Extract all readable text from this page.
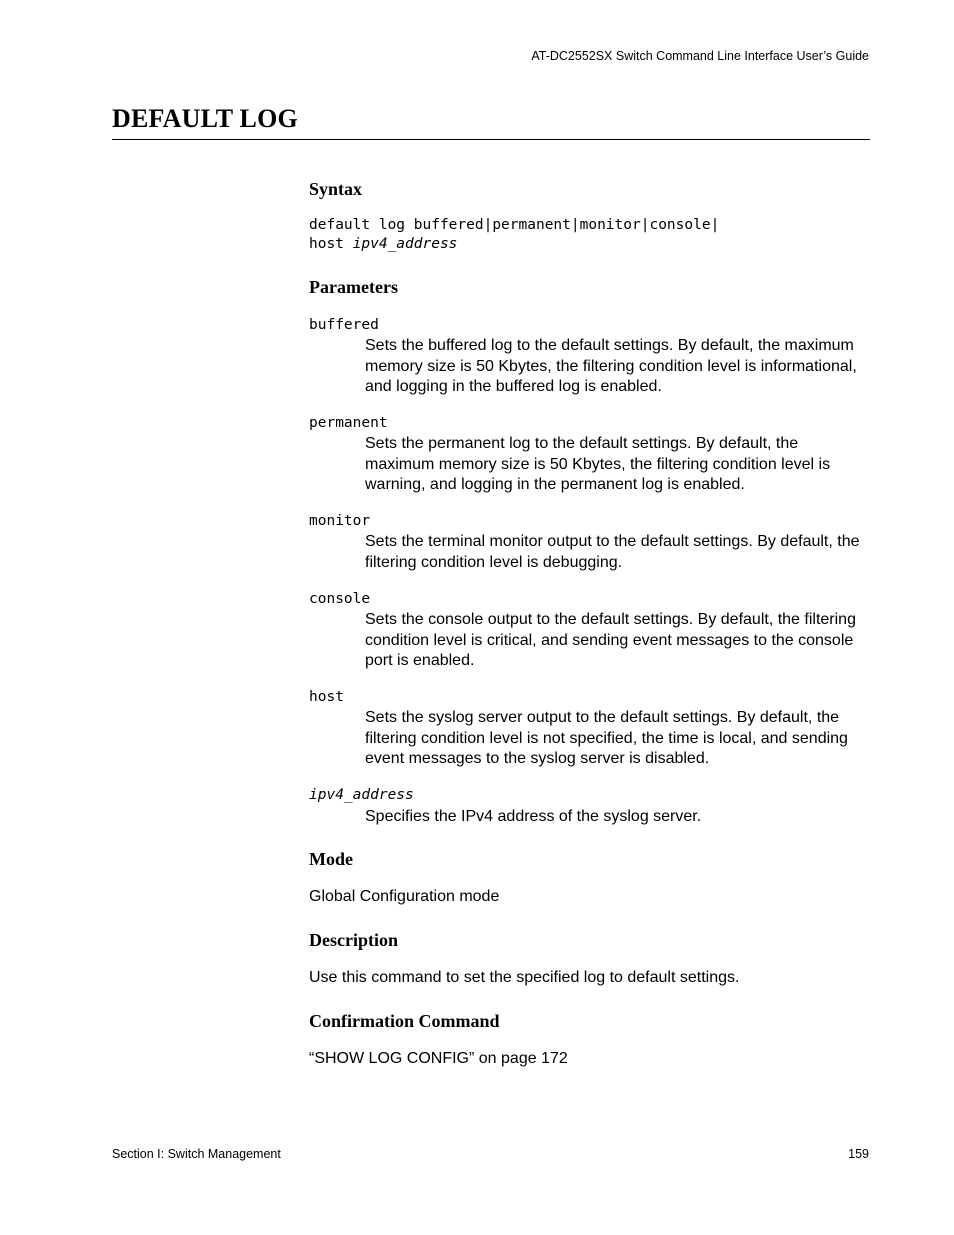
AT-DC2552SX Switch Command Line Interface User’s Guide
DEFAULT LOG
Syntax
default log buffered|permanent|monitor|console|
host ipv4_address
Parameters
buffered

Sets the buffered log to the default settings. By default, the maximum memory size is 50 Kbytes, the filtering condition level is informational, and logging in the buffered log is enabled.

permanent

Sets the permanent log to the default settings. By default, the maximum memory size is 50 Kbytes, the filtering condition level is warning, and logging in the permanent log is enabled.

monitor

Sets the terminal monitor output to the default settings. By default, the filtering condition level is debugging.

console

Sets the console output to the default settings. By default, the filtering condition level is critical, and sending event messages to the console port is enabled.

host

Sets the syslog server output to the default settings. By default, the filtering condition level is not specified, the time is local, and sending event messages to the syslog server is disabled.

ipv4_address

Specifies the IPv4 address of the syslog server.

Mode

Global Configuration mode

Description

Use this command to set the specified log to default settings.

Confirmation Command

“SHOW LOG CONFIG” on page 172

Section I: Switch Management	159
